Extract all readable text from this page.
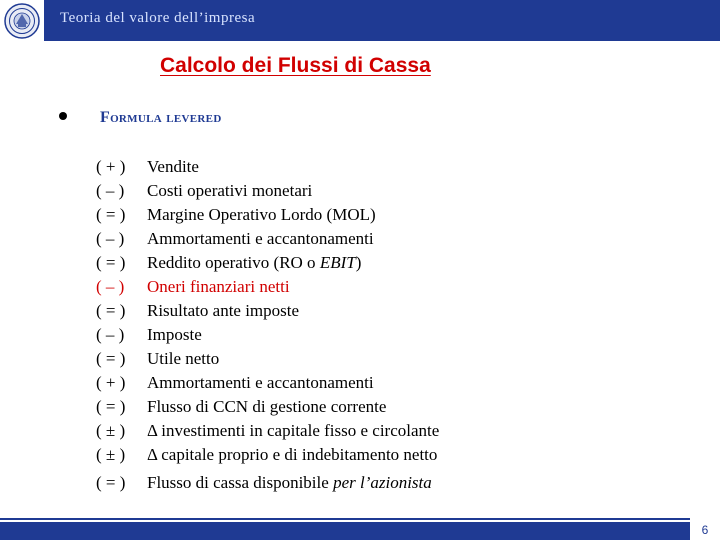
Teoria del valore dell’impresa
Calcolo dei Flussi di Cassa
Formula levered
( + )	Vendite
( – )	Costi operativi monetari
( = )	Margine Operativo Lordo (MOL)
( – )	Ammortamenti e accantonamenti
( = )	Reddito operativo (RO o EBIT)
( – )	Oneri finanziari netti
( = )	Risultato ante imposte
( – )	Imposte
( = )	Utile netto
( + )	Ammortamenti e accantonamenti
( = )	Flusso di CCN di gestione corrente
( ± )	Δ investimenti in capitale fisso e circolante
( ± )	Δ capitale proprio e di indebitamento netto
( = )	Flusso di cassa disponibile per l’azionista
6
